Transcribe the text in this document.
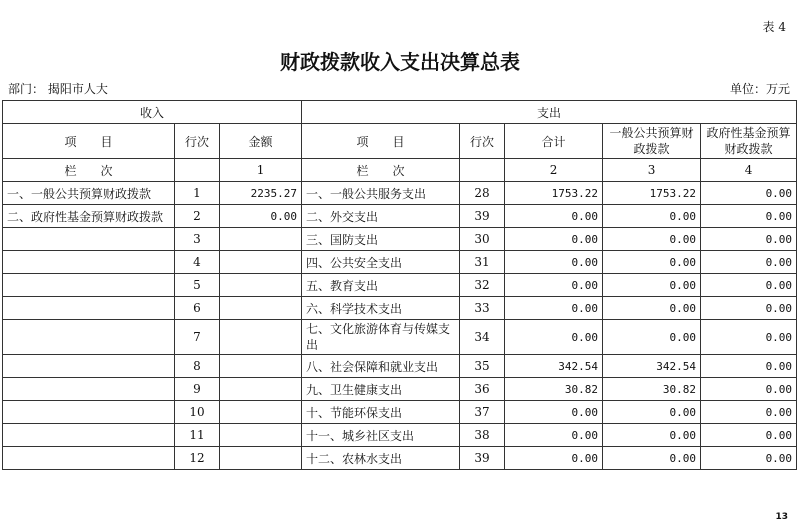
表 4
财政拨款收入支出决算总表
部门： 揭阳市人大	单位：万元
收入			支出				
项　　目	行次	金额	项　　目	行次	合计	一般公共预算财政拨款	政府性基金预算财政拨款
栏　　次		1	栏　　次		2	3	4
一、一般公共预算财政拨款	1	2235.27	一、一般公共服务支出	28	1753.22	1753.22	0.00
二、政府性基金预算财政拨款	2	0.00	二、外交支出	39	0.00	0.00	0.00
	3		三、国防支出	30	0.00	0.00	0.00
	4		四、公共安全支出	31	0.00	0.00	0.00
	5		五、教育支出	32	0.00	0.00	0.00
	6		六、科学技术支出	33	0.00	0.00	0.00
	7		七、文化旅游体育与传媒支出	34	0.00	0.00	0.00
	8		八、社会保障和就业支出	35	342.54	342.54	0.00
	9		九、卫生健康支出	36	30.82	30.82	0.00
	10		十、节能环保支出	37	0.00	0.00	0.00
	11		十一、城乡社区支出	38	0.00	0.00	0.00
	12		十二、农林水支出	39	0.00	0.00	0.00
13
